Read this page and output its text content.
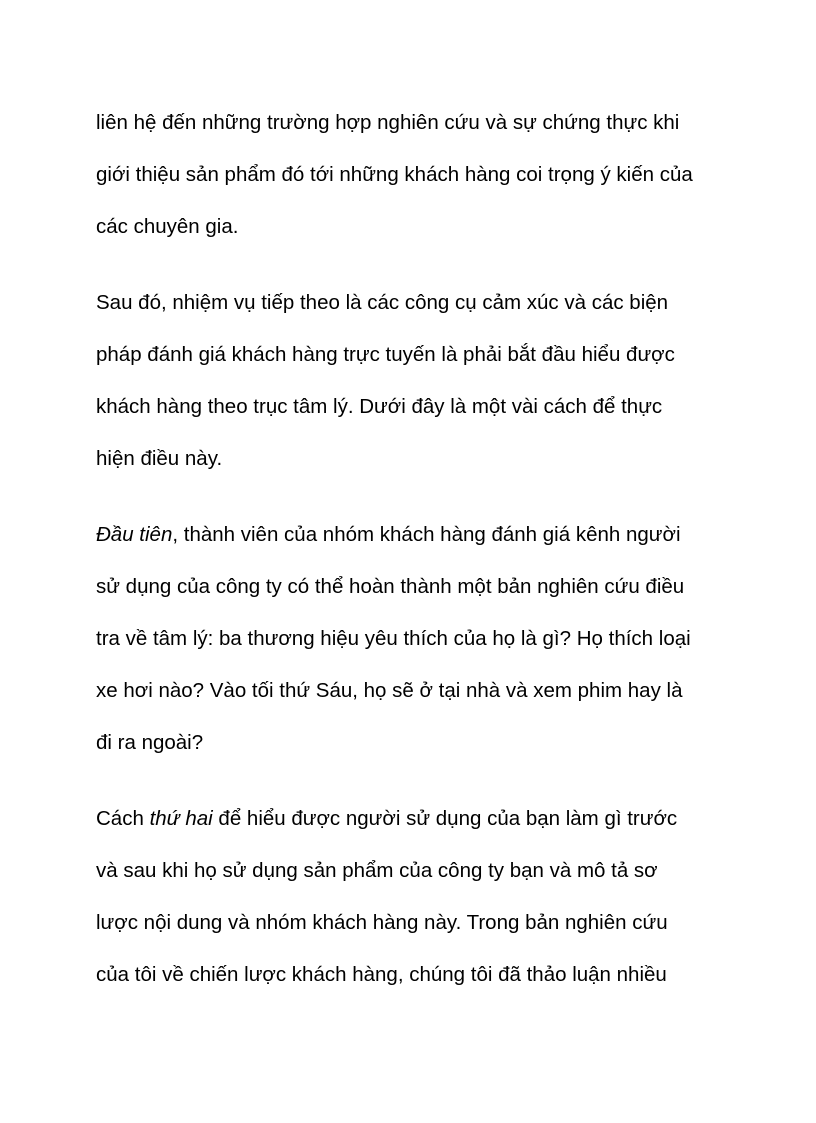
liên hệ đến những trường hợp nghiên cứu và sự chứng thực khi
giới thiệu sản phẩm đó tới những khách hàng coi trọng ý kiến của
các chuyên gia.
Sau đó, nhiệm vụ tiếp theo là các công cụ cảm xúc và các biện
pháp đánh giá khách hàng trực tuyến là phải bắt đầu hiểu được
khách hàng theo trục tâm lý. Dưới đây là một vài cách để thực
hiện điều này.
Đầu tiên, thành viên của nhóm khách hàng đánh giá kênh người
sử dụng của công ty có thể hoàn thành một bản nghiên cứu điều
tra về tâm lý: ba thương hiệu yêu thích của họ là gì? Họ thích loại
xe hơi nào? Vào tối thứ Sáu, họ sẽ ở tại nhà và xem phim hay là
đi ra ngoài?
Cách thứ hai để hiểu được người sử dụng của bạn làm gì trước
và sau khi họ sử dụng sản phẩm của công ty bạn và mô tả sơ
lược nội dung và nhóm khách hàng này. Trong bản nghiên cứu
của tôi về chiến lược khách hàng, chúng tôi đã thảo luận nhiều
